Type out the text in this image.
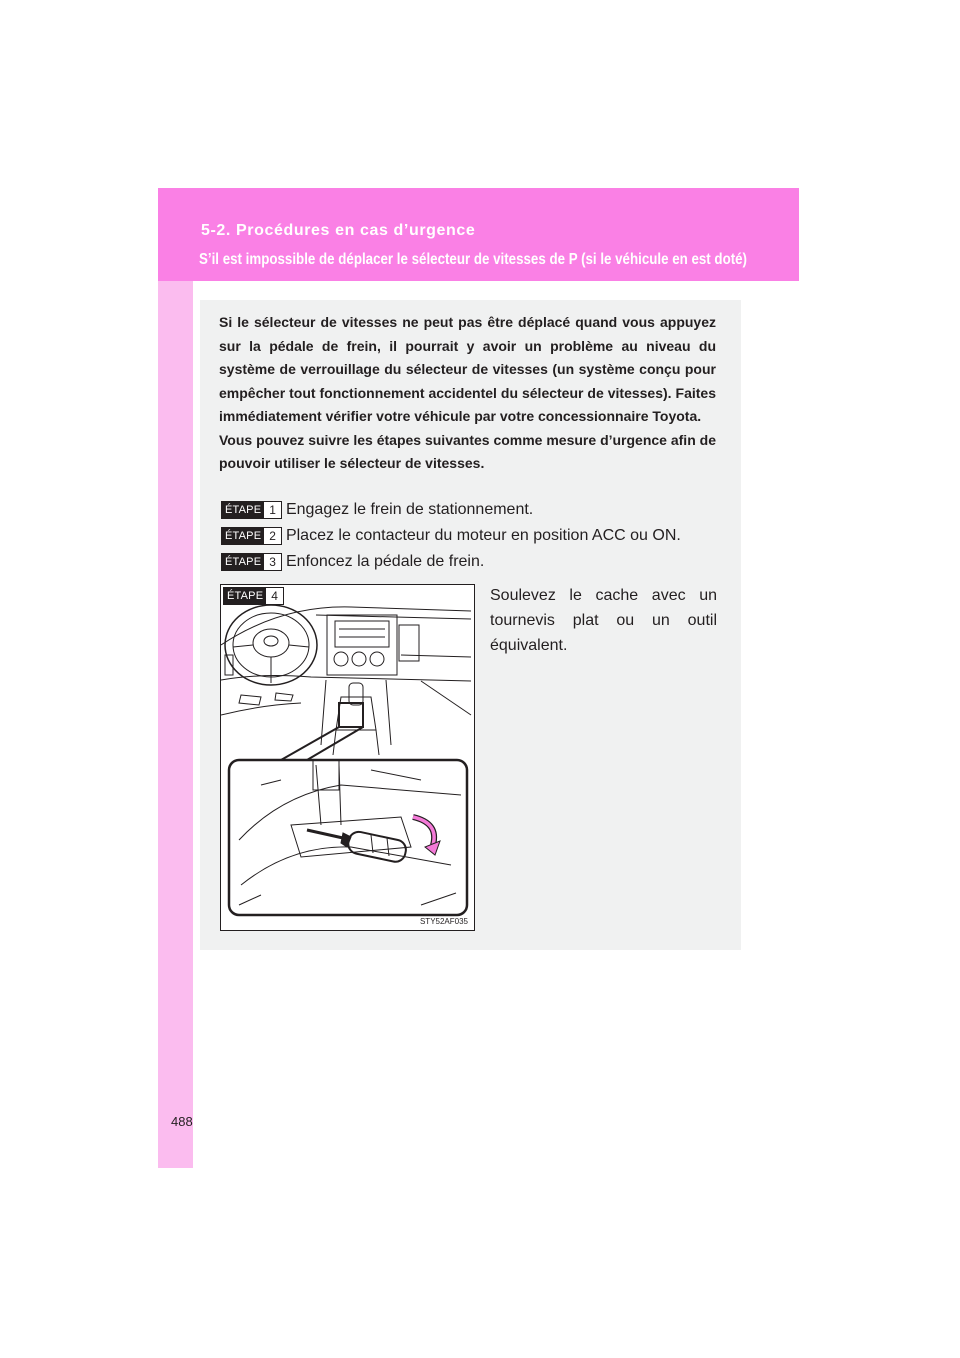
5-2. Procédures en cas d’urgence
S’il est impossible de déplacer le sélecteur de vitesses de P (si le véhicule en est doté)

Si le sélecteur de vitesses ne peut pas être déplacé quand vous appuyez sur la pédale de frein, il pourrait y avoir un problème au niveau du système de verrouillage du sélecteur de vitesses (un système conçu pour empêcher tout fonctionnement accidentel du sélecteur de vitesses). Faites immédiatement vérifier votre véhicule par votre concessionnaire Toyota.

Vous pouvez suivre les étapes suivantes comme mesure d’urgence afin de pouvoir utiliser le sélecteur de vitesses.

ÉTAPE 1 Engagez le frein de stationnement.
ÉTAPE 2 Placez le contacteur du moteur en position ACC ou ON.
ÉTAPE 3 Enfoncez la pédale de frein.
ÉTAPE 4
STY52AF035
Soulevez le cache avec un tournevis plat ou un outil équivalent.
488
